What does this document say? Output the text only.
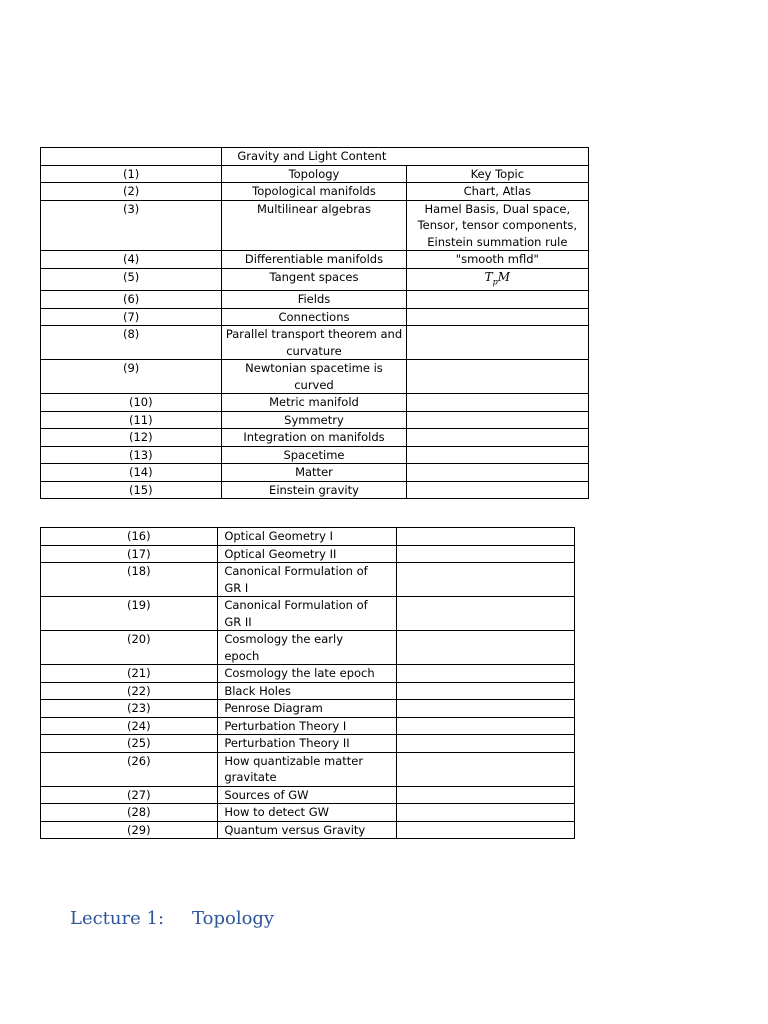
	Gravity and Light Content	
(1)	Topology	Key Topic
(2)	Topological manifolds	Chart, Atlas
(3)	Multilinear algebras	Hamel Basis, Dual space, Tensor, tensor components, Einstein summation rule
(4)	Differentiable manifolds	"smooth mfld"
(5)	Tangent spaces	$T_pM$
(6)	Fields	
(7)	Connections	
(8)	Parallel transport theorem and curvature	
(9)	Newtonian spacetime is curved	
(10)	Metric manifold	
(11)	Symmetry	
(12)	Integration on manifolds	
(13)	Spacetime	
(14)	Matter	
(15)	Einstein gravity	
(16)	Optical Geometry I	
(17)	Optical Geometry II	
(18)	Canonical Formulation of GR I	
(19)	Canonical Formulation of GR II	
(20)	Cosmology the early epoch	
(21)	Cosmology the late epoch	
(22)	Black Holes	
(23)	Penrose Diagram	
(24)	Perturbation Theory I	
(25)	Perturbation Theory II	
(26)	How quantizable matter gravitate	
(27)	Sources of GW	
(28)	How to detect GW	
(29)	Quantum versus Gravity	
Lecture 1: Topology
